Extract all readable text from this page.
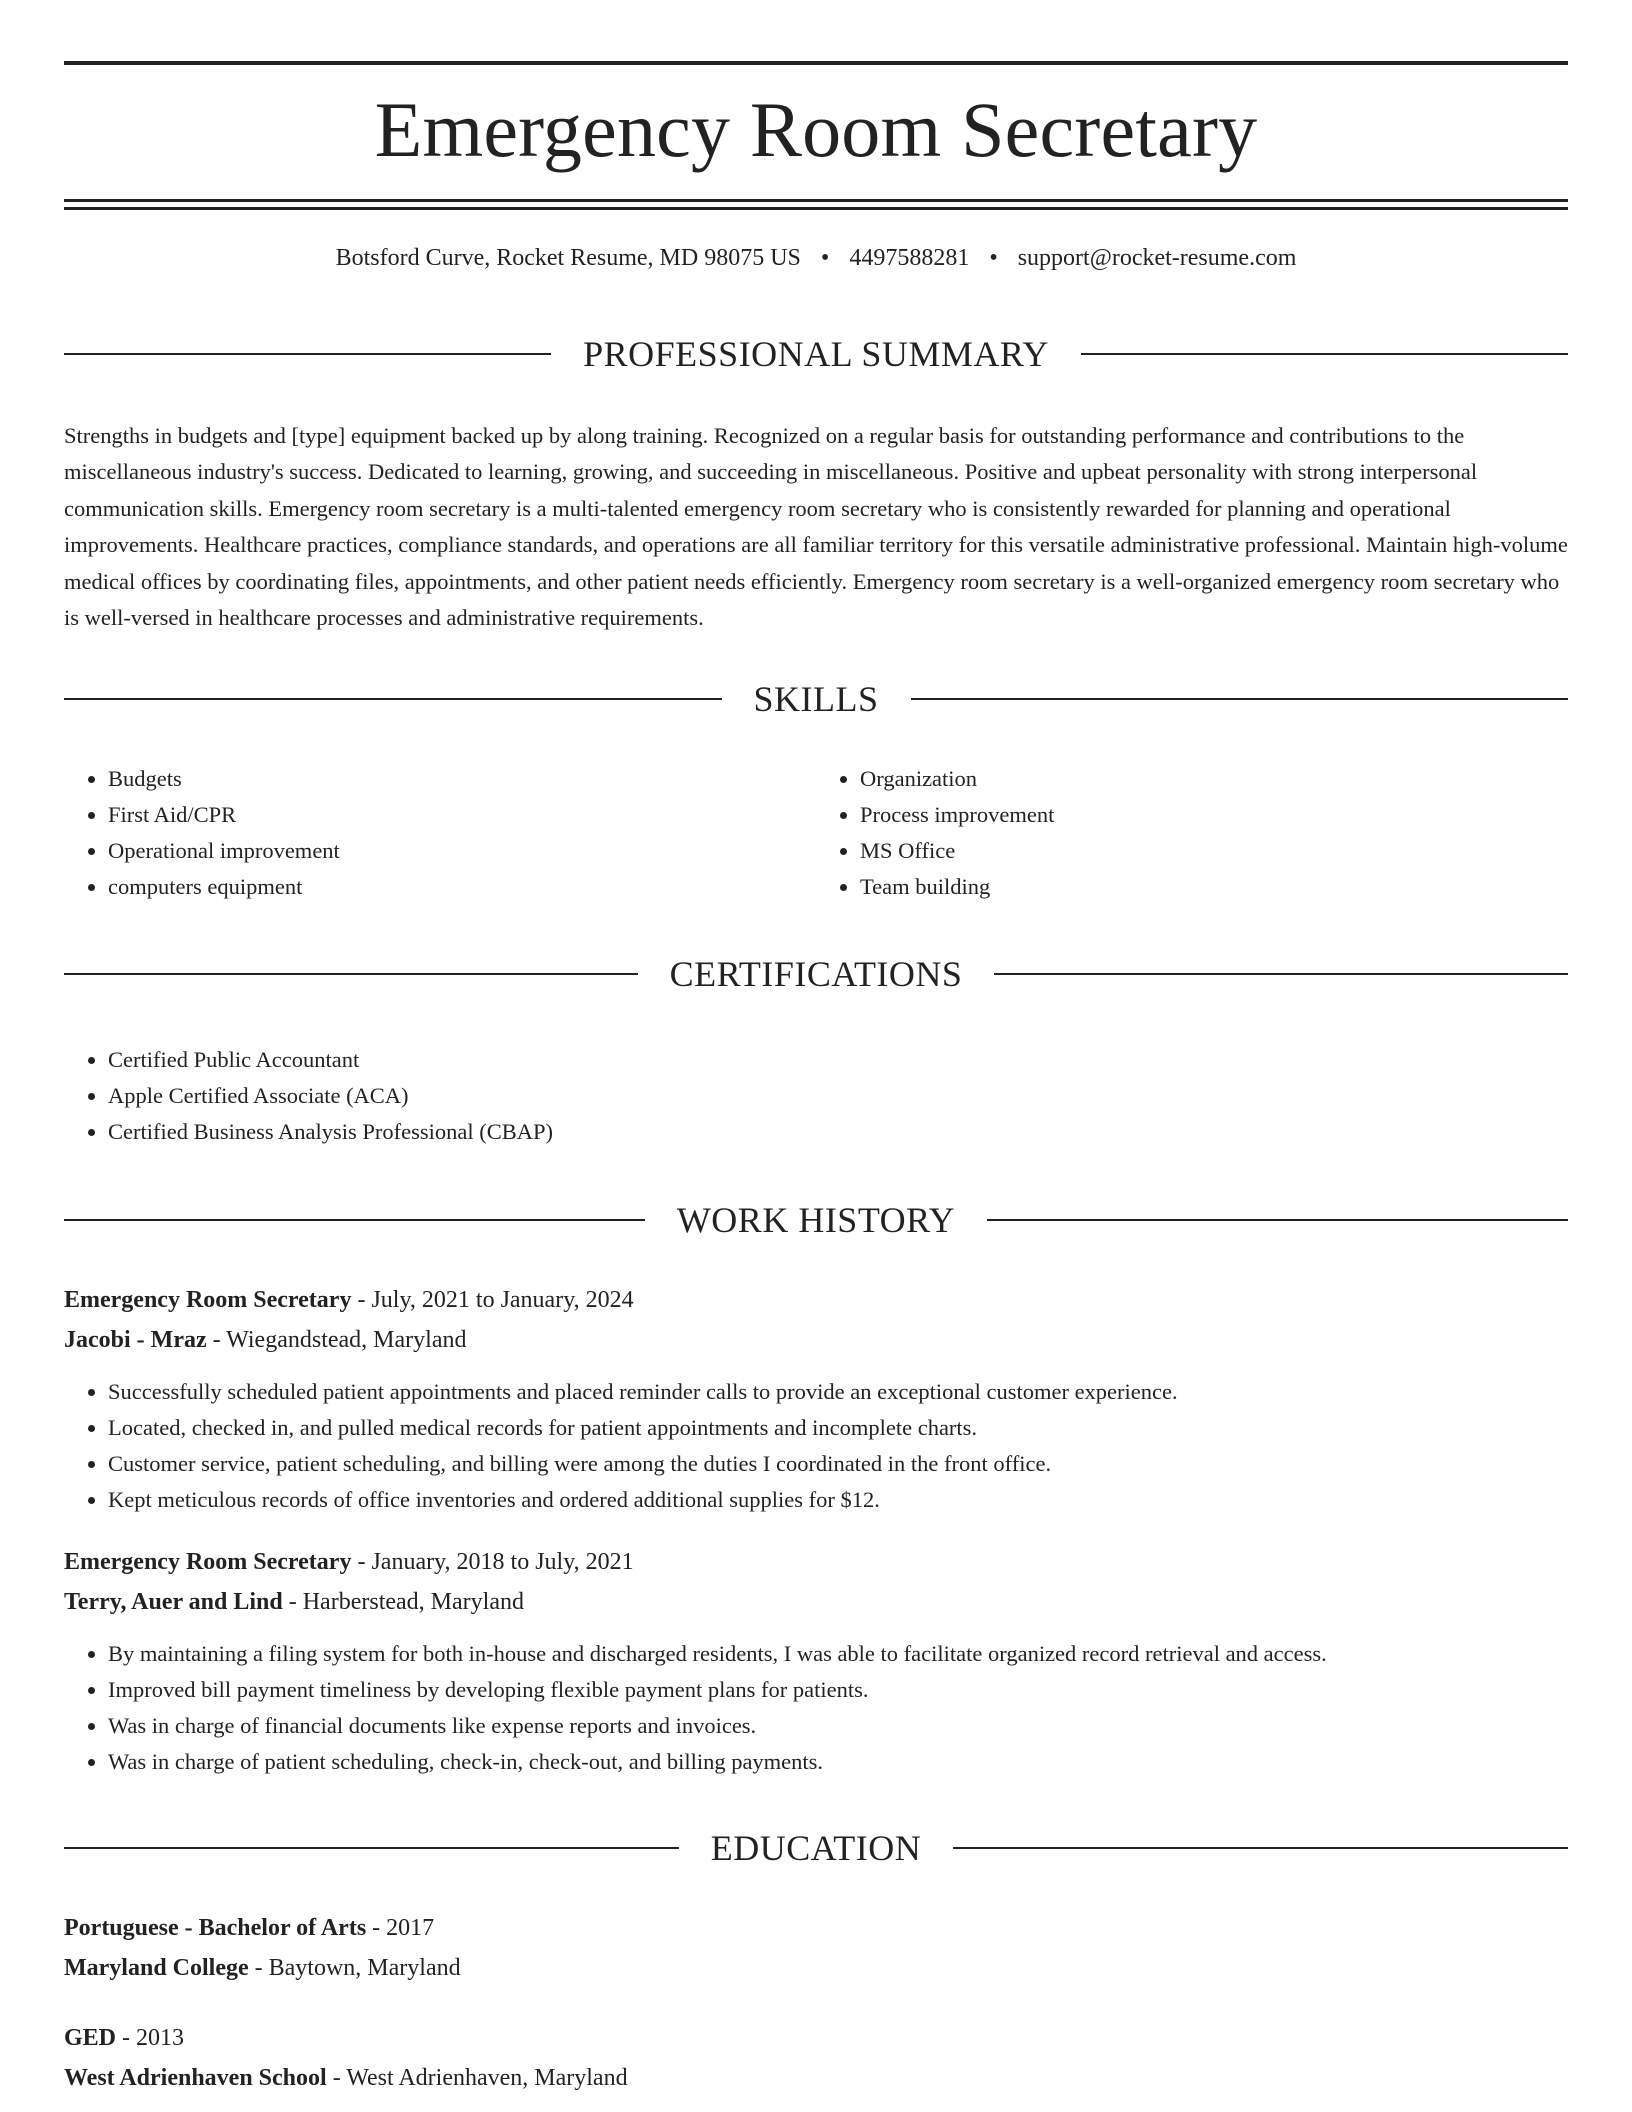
Emergency Room Secretary
Botsford Curve, Rocket Resume, MD 98075 US • 4497588281 • support@rocket-resume.com
PROFESSIONAL SUMMARY

Strengths in budgets and [type] equipment backed up by along training. Recognized on a regular basis for outstanding performance and contributions to the miscellaneous industry's success. Dedicated to learning, growing, and succeeding in miscellaneous. Positive and upbeat personality with strong interpersonal communication skills. Emergency room secretary is a multi-talented emergency room secretary who is consistently rewarded for planning and operational improvements. Healthcare practices, compliance standards, and operations are all familiar territory for this versatile administrative professional. Maintain high-volume medical offices by coordinating files, appointments, and other patient needs efficiently. Emergency room secretary is a well-organized emergency room secretary who is well-versed in healthcare processes and administrative requirements.

SKILLS
• Budgets
• First Aid/CPR
• Operational improvement
• computers equipment
• Organization
• Process improvement
• MS Office
• Team building
CERTIFICATIONS
• Certified Public Accountant
• Apple Certified Associate (ACA)
• Certified Business Analysis Professional (CBAP)
WORK HISTORY
Emergency Room Secretary - July, 2021 to January, 2024
Jacobi - Mraz - Wiegandstead, Maryland
• Successfully scheduled patient appointments and placed reminder calls to provide an exceptional customer experience.
• Located, checked in, and pulled medical records for patient appointments and incomplete charts.
• Customer service, patient scheduling, and billing were among the duties I coordinated in the front office.
• Kept meticulous records of office inventories and ordered additional supplies for $12.
Emergency Room Secretary - January, 2018 to July, 2021
Terry, Auer and Lind - Harberstead, Maryland
• By maintaining a filing system for both in-house and discharged residents, I was able to facilitate organized record retrieval and access.
• Improved bill payment timeliness by developing flexible payment plans for patients.
• Was in charge of financial documents like expense reports and invoices.
• Was in charge of patient scheduling, check-in, check-out, and billing payments.
EDUCATION
Portuguese - Bachelor of Arts - 2017
Maryland College - Baytown, Maryland
GED - 2013
West Adrienhaven School - West Adrienhaven, Maryland
